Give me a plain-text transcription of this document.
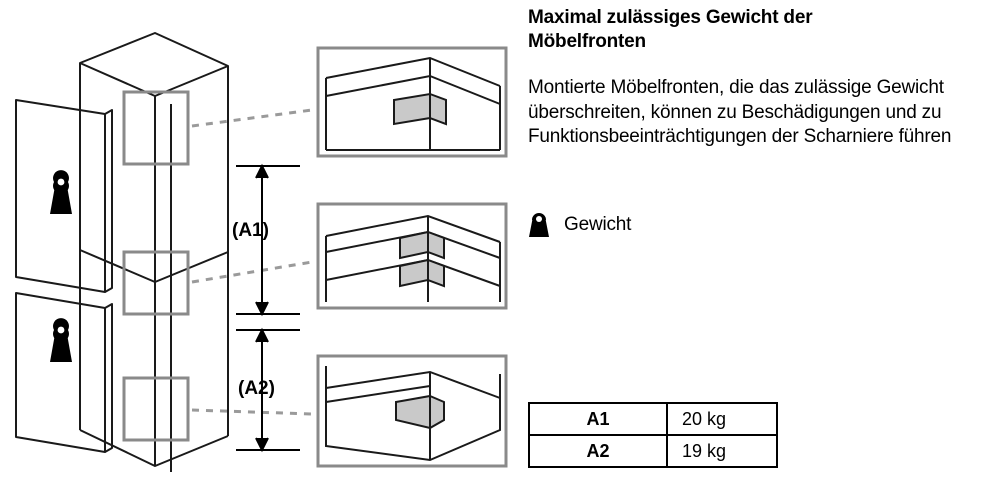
(A1)
(A2)
Maximal zulässiges Gewicht der Möbelfronten
Montierte Möbelfronten, die das zulässige Gewicht überschreiten, können zu Beschädigungen und zu Funktionsbeeinträchtigungen der Scharniere führen
Gewicht
A1	20 kg
A2	19 kg
